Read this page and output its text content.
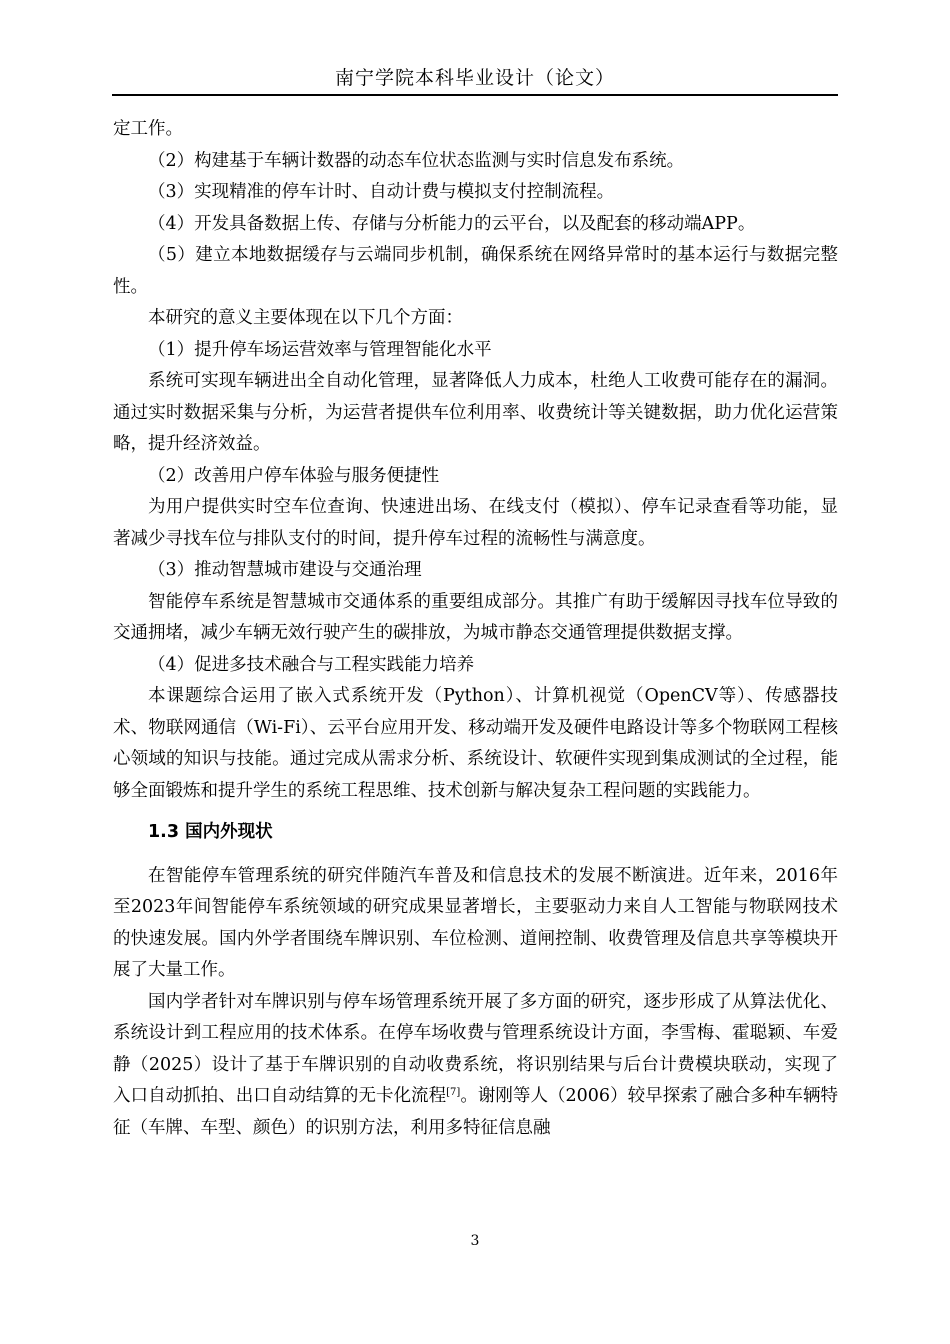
南宁学院本科毕业设计（论文）

定工作。

（2）构建基于车辆计数器的动态车位状态监测与实时信息发布系统。

（3）实现精准的停车计时、自动计费与模拟支付控制流程。

（4）开发具备数据上传、存储与分析能力的云平台，以及配套的移动端APP。

（5）建立本地数据缓存与云端同步机制，确保系统在网络异常时的基本运行与数据完整性。

本研究的意义主要体现在以下几个方面：

（1）提升停车场运营效率与管理智能化水平

系统可实现车辆进出全自动化管理，显著降低人力成本，杜绝人工收费可能存在的漏洞。通过实时数据采集与分析，为运营者提供车位利用率、收费统计等关键数据，助力优化运营策略，提升经济效益。

（2）改善用户停车体验与服务便捷性

为用户提供实时空车位查询、快速进出场、在线支付（模拟）、停车记录查看等功能，显著减少寻找车位与排队支付的时间，提升停车过程的流畅性与满意度。

（3）推动智慧城市建设与交通治理

智能停车系统是智慧城市交通体系的重要组成部分。其推广有助于缓解因寻找车位导致的交通拥堵，减少车辆无效行驶产生的碳排放，为城市静态交通管理提供数据支撑。

（4）促进多技术融合与工程实践能力培养

本课题综合运用了嵌入式系统开发（Python）、计算机视觉（OpenCV等）、传感器技术、物联网通信（Wi-Fi）、云平台应用开发、移动端开发及硬件电路设计等多个物联网工程核心领域的知识与技能。通过完成从需求分析、系统设计、软硬件实现到集成测试的全过程，能够全面锻炼和提升学生的系统工程思维、技术创新与解决复杂工程问题的实践能力。

1.3 国内外现状

在智能停车管理系统的研究伴随汽车普及和信息技术的发展不断演进。近年来，2016年至2023年间智能停车系统领域的研究成果显著增长，主要驱动力来自人工智能与物联网技术的快速发展。国内外学者围绕车牌识别、车位检测、道闸控制、收费管理及信息共享等模块开展了大量工作。

国内学者针对车牌识别与停车场管理系统开展了多方面的研究，逐步形成了从算法优化、系统设计到工程应用的技术体系。在停车场收费与管理系统设计方面，李雪梅、霍聪颖、车爱静（2025）设计了基于车牌识别的自动收费系统，将识别结果与后台计费模块联动，实现了入口自动抓拍、出口自动结算的无卡化流程[7]。谢刚等人（2006）较早探索了融合多种车辆特征（车牌、车型、颜色）的识别方法，利用多特征信息融

3
